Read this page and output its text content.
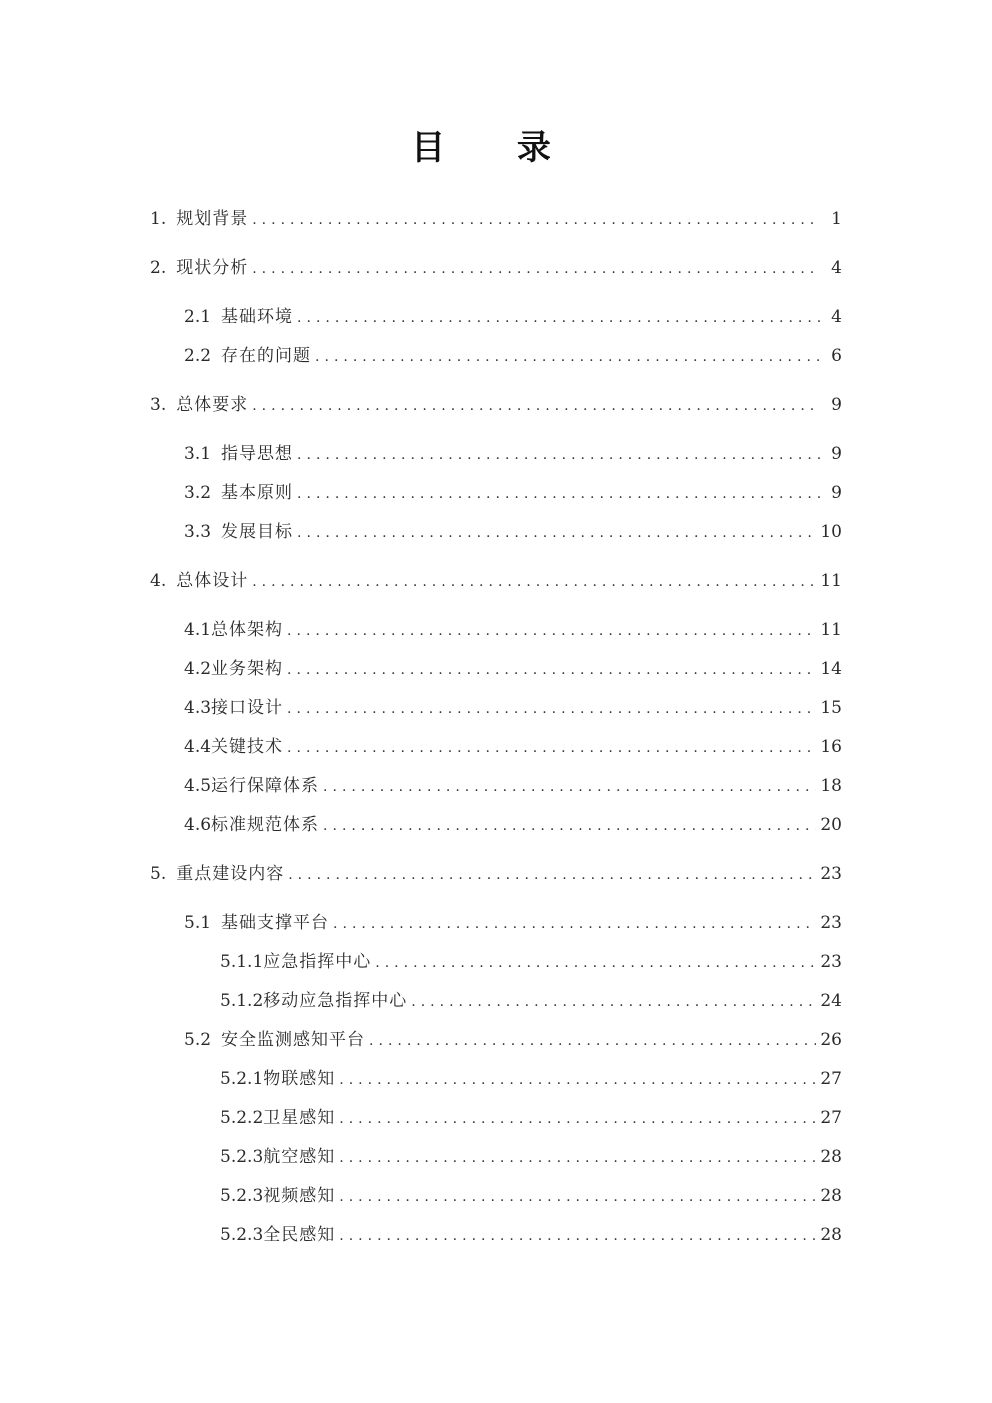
目 录
1. 规划背景 .....	1
2. 现状分析 .....	4
2.1 基础环境 .....	4
2.2 存在的问题 .....	6
3. 总体要求 .....	9
3.1 指导思想 .....	9
3.2 基本原则 .....	9
3.3 发展目标 .....	10
4. 总体设计 .....	11
4.1 总体架构 .....	11
4.2 业务架构 .....	14
4.3 接口设计 .....	15
4.4 关键技术 .....	16
4.5 运行保障体系 .....	18
4.6 标准规范体系 .....	20
5. 重点建设内容 .....	23
5.1 基础支撑平台 .....	23
5.1.1 应急指挥中心 .....	23
5.1.2 移动应急指挥中心 .....	24
5.2 安全监测感知平台 .....	26
5.2.1 物联感知 .....	27
5.2.2 卫星感知 .....	27
5.2.3 航空感知 .....	28
5.2.3 视频感知 .....	28
5.2.3 全民感知 .....	28
